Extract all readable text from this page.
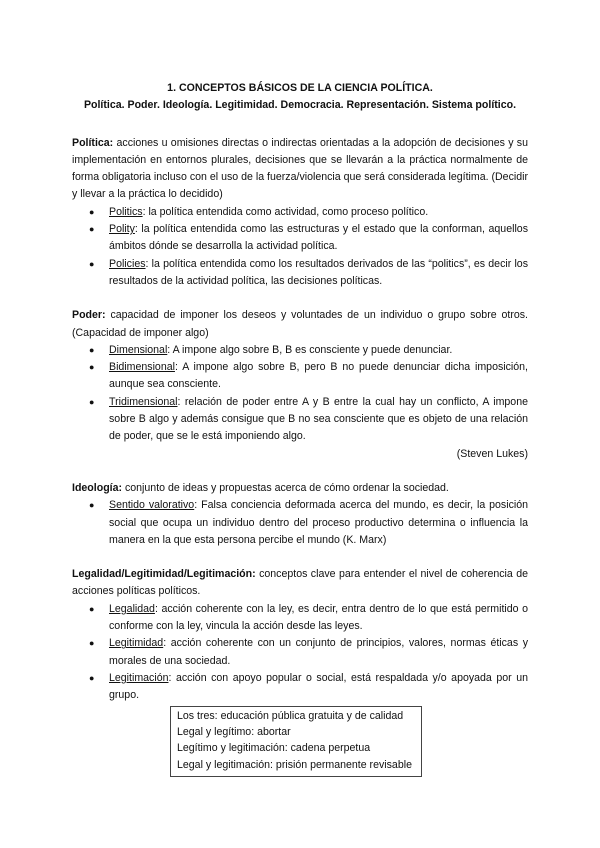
1. CONCEPTOS BÁSICOS DE LA CIENCIA POLÍTICA.

Política. Poder. Ideología. Legitimidad. Democracia. Representación. Sistema político.

Política: acciones u omisiones directas o indirectas orientadas a la adopción de decisiones y su implementación en entornos plurales, decisiones que se llevarán a la práctica normalmente de forma obligatoria incluso con el uso de la fuerza/violencia que será considerada legítima. (Decidir y llevar a la práctica lo decidido)

● Politics: la política entendida como actividad, como proceso político.
● Polity: la política entendida como las estructuras y el estado que la conforman, aquellos ámbitos dónde se desarrolla la actividad política.
● Policies: la política entendida como los resultados derivados de las “politics”, es decir los resultados de la actividad política, las decisiones políticas.

Poder: capacidad de imponer los deseos y voluntades de un individuo o grupo sobre otros. (Capacidad de imponer algo)

● Dimensional: A impone algo sobre B, B es consciente y puede denunciar.
● Bidimensional: A impone algo sobre B, pero B no puede denunciar dicha imposición, aunque sea consciente.
● Tridimensional: relación de poder entre A y B entre la cual hay un conflicto, A impone sobre B algo y además consigue que B no sea consciente que es objeto de una relación de poder, que se le está imponiendo algo.

(Steven Lukes)

Ideología: conjunto de ideas y propuestas acerca de cómo ordenar la sociedad.

● Sentido valorativo: Falsa conciencia deformada acerca del mundo, es decir, la posición social que ocupa un individuo dentro del proceso productivo determina o influencia la manera en la que esta persona percibe el mundo (K. Marx)

Legalidad/Legitimidad/Legitimación: conceptos clave para entender el nivel de coherencia de acciones políticas políticos.

● Legalidad: acción coherente con la ley, es decir, entra dentro de lo que está permitido o conforme con la ley, vincula la acción desde las leyes.
● Legitimidad: acción coherente con un conjunto de principios, valores, normas éticas y morales de una sociedad.
● Legitimación: acción con apoyo popular o social, está respaldada y/o apoyada por un grupo.
Los tres: educación pública gratuita y de calidad
Legal y legítimo: abortar
Legítimo y legitimación: cadena perpetua
Legal y legitimación: prisión permanente revisable
